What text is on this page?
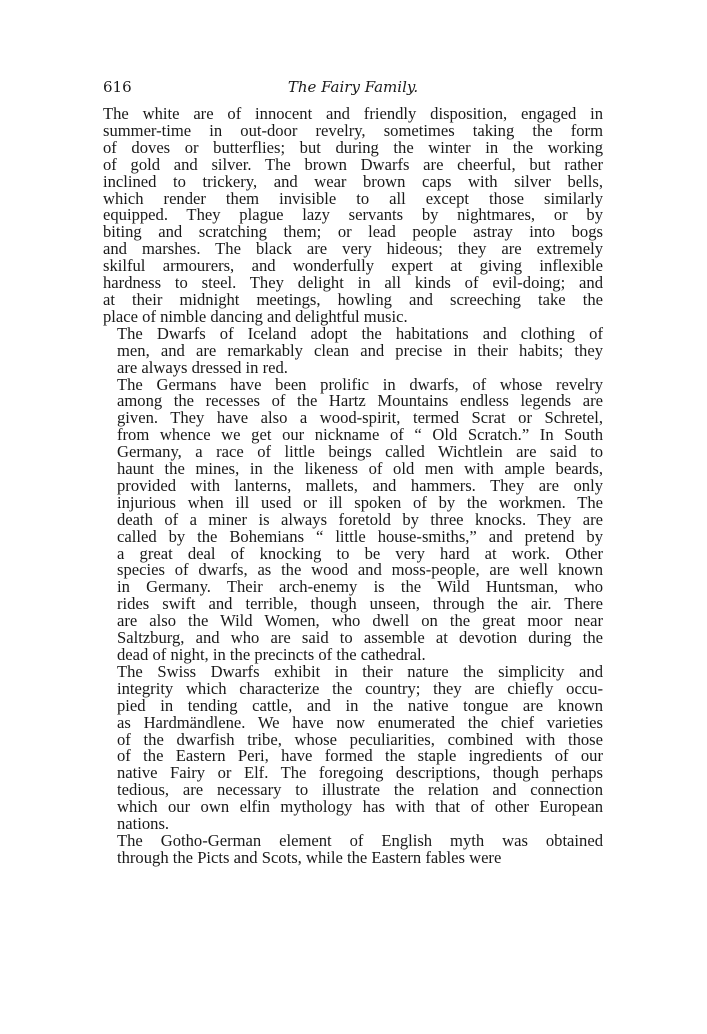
616	The Fairy Family.

The white are of innocent and friendly disposition, engaged in
summer-time in out-door revelry, sometimes taking the form
of doves or butterflies; but during the winter in the working
of gold and silver. The brown Dwarfs are cheerful, but rather
inclined to trickery, and wear brown caps with silver bells,
which render them invisible to all except those similarly
equipped. They plague lazy servants by nightmares, or by
biting and scratching them; or lead people astray into bogs
and marshes. The black are very hideous; they are extremely
skilful armourers, and wonderfully expert at giving inflexible
hardness to steel. They delight in all kinds of evil-doing; and
at their midnight meetings, howling and screeching take the
place of nimble dancing and delightful music.

The Dwarfs of Iceland adopt the habitations and clothing of
men, and are remarkably clean and precise in their habits; they
are always dressed in red.

The Germans have been prolific in dwarfs, of whose revelry
among the recesses of the Hartz Mountains endless legends are
given. They have also a wood-spirit, termed Scrat or Schretel,
from whence we get our nickname of “ Old Scratch.” In South
Germany, a race of little beings called Wichtlein are said to
haunt the mines, in the likeness of old men with ample beards,
provided with lanterns, mallets, and hammers. They are only
injurious when ill used or ill spoken of by the workmen. The
death of a miner is always foretold by three knocks. They are
called by the Bohemians “ little house-smiths,” and pretend by
a great deal of knocking to be very hard at work. Other
species of dwarfs, as the wood and moss-people, are well known
in Germany. Their arch-enemy is the Wild Huntsman, who
rides swift and terrible, though unseen, through the air. There
are also the Wild Women, who dwell on the great moor near
Saltzburg, and who are said to assemble at devotion during the
dead of night, in the precincts of the cathedral.

The Swiss Dwarfs exhibit in their nature the simplicity and
integrity which characterize the country; they are chiefly occu-
pied in tending cattle, and in the native tongue are known
as Hardmändlene. We have now enumerated the chief varieties
of the dwarfish tribe, whose peculiarities, combined with those
of the Eastern Peri, have formed the staple ingredients of our
native Fairy or Elf. The foregoing descriptions, though perhaps
tedious, are necessary to illustrate the relation and connection
which our own elfin mythology has with that of other European
nations.

The Gotho-German element of English myth was obtained
through the Picts and Scots, while the Eastern fables were
